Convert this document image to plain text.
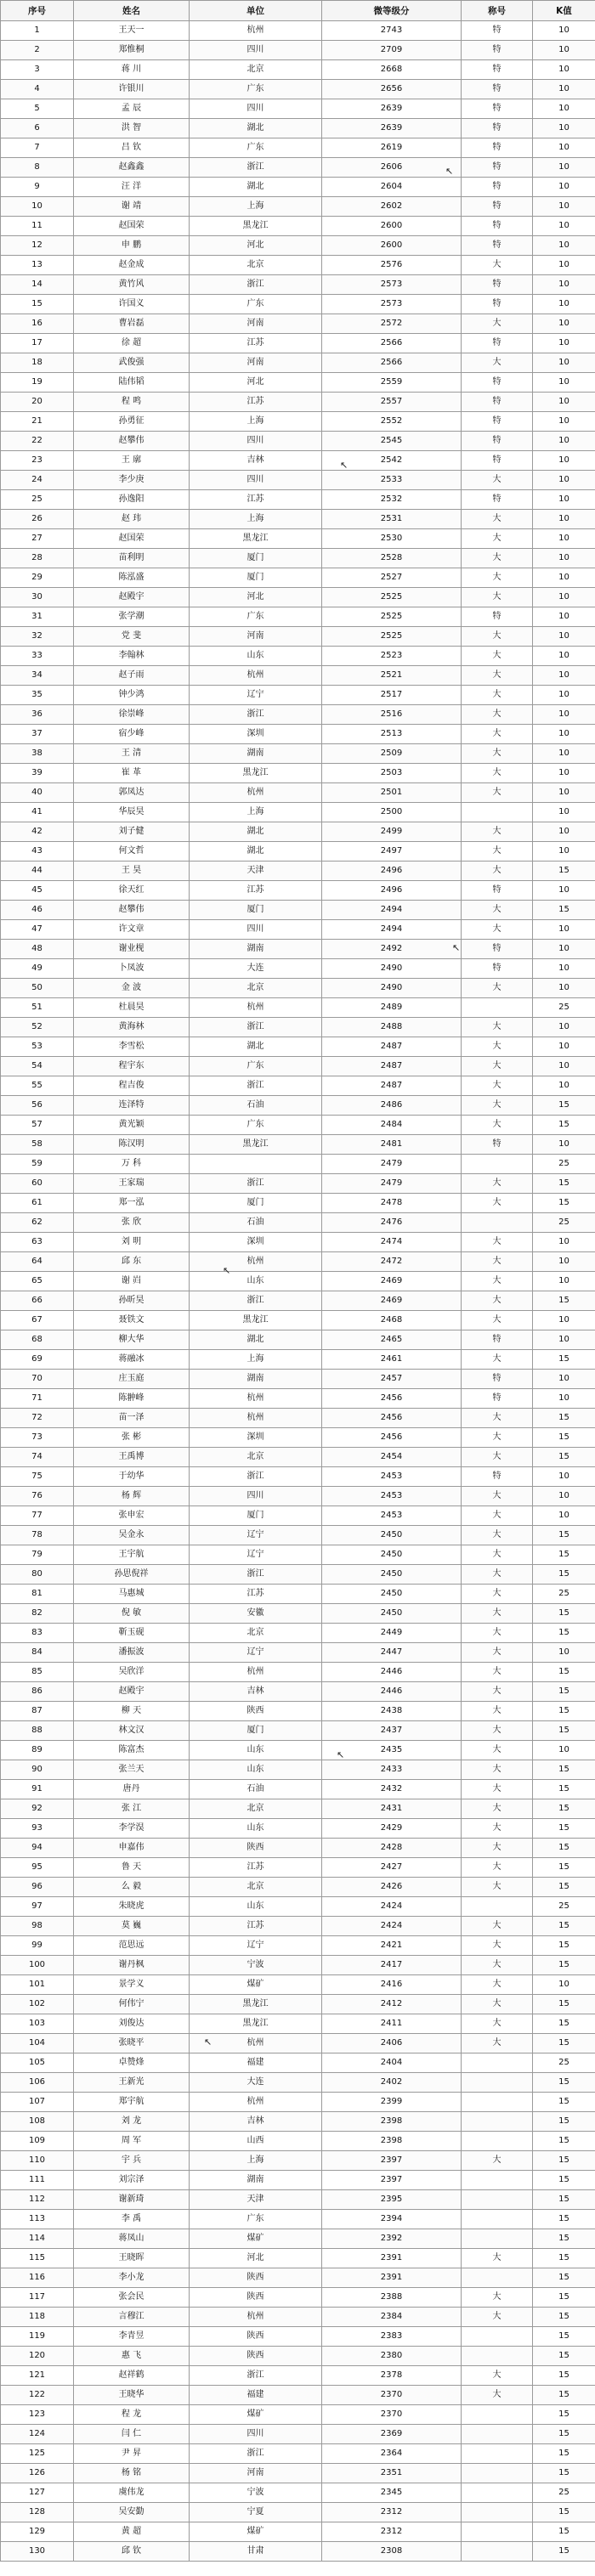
序号	姓名	单位	微等级分	称号	K值
1	王天一	杭州	2743	特	10
2	郑惟桐	四川	2709	特	10
3	蒋 川	北京	2668	特	10
4	许银川	广东	2656	特	10
5	孟 辰	四川	2639	特	10
6	洪 智	湖北	2639	特	10
7	吕 钦	广东	2619	特	10
8	赵鑫鑫	浙江	2606	特	10
9	汪 洋	湖北	2604	特	10
10	谢 靖	上海	2602	特	10
11	赵国荣	黑龙江	2600	特	10
12	申 鹏	河北	2600	特	10
13	赵金成	北京	2576	大	10
14	黄竹风	浙江	2573	特	10
15	许国义	广东	2573	特	10
16	曹岩磊	河南	2572	大	10
17	徐 超	江苏	2566	特	10
18	武俊强	河南	2566	大	10
19	陆伟韬	河北	2559	特	10
20	程 鸣	江苏	2557	特	10
21	孙勇征	上海	2552	特	10
22	赵攀伟	四川	2545	特	10
23	王 廓	吉林	2542	特	10
24	李少庚	四川	2533	大	10
25	孙逸阳	江苏	2532	特	10
26	赵 玮	上海	2531	大	10
27	赵国荣	黑龙江	2530	大	10
28	苗利明	厦门	2528	大	10
29	陈泓盛	厦门	2527	大	10
30	赵殿宇	河北	2525	大	10
31	张学潮	广东	2525	特	10
32	党 斐	河南	2525	大	10
33	李翰林	山东	2523	大	10
34	赵子雨	杭州	2521	大	10
35	钟少鸿	辽宁	2517	大	10
36	徐崇峰	浙江	2516	大	10
37	宿少峰	深圳	2513	大	10
38	王 清	湖南	2509	大	10
39	崔 革	黑龙江	2503	大	10
40	郭凤达	杭州	2501	大	10
41	华辰昊	上海	2500		10
42	刘子健	湖北	2499	大	10
43	何文哲	湖北	2497	大	10
44	王 昊	天津	2496	大	15
45	徐天红	江苏	2496	特	10
46	赵攀伟	厦门	2494	大	15
47	许文章	四川	2494	大	10
48	谢业枧	湖南	2492	特	10
49	卜凤波	大连	2490	特	10
50	金 波	北京	2490	大	10
51	杜晨昊	杭州	2489		25
52	黄海林	浙江	2488	大	10
53	李雪松	湖北	2487	大	10
54	程宇东	广东	2487	大	10
55	程吉俊	浙江	2487	大	10
56	连泽特	石油	2486	大	15
57	黄光颖	广东	2484	大	15
58	陈汉明	黑龙江	2481	特	10
59	万 科		2479		25
60	王家瑞	浙江	2479	大	15
61	郑一泓	厦门	2478	大	15
62	张 欣	石油	2476		25
63	刘 明	深圳	2474	大	10
64	邱 东	杭州	2472	大	10
65	谢 岿	山东	2469	大	10
66	孙昕昊	浙江	2469	大	15
67	聂铁文	黑龙江	2468	大	10
68	柳大华	湖北	2465	特	10
69	蒋融冰	上海	2461	大	15
70	庄玉庭	湖南	2457	特	10
71	陈翀峰	杭州	2456	特	10
72	苗一泽	杭州	2456	大	15
73	张 彬	深圳	2456	大	15
74	王禹博	北京	2454	大	15
75	于幼华	浙江	2453	特	10
76	杨 辉	四川	2453	大	10
77	张申宏	厦门	2453	大	10
78	吴金永	辽宁	2450	大	15
79	王宇航	辽宁	2450	大	15
80	孙思倪祥	浙江	2450	大	15
81	马惠城	江苏	2450	大	25
82	倪 敏	安徽	2450	大	15
83	靳玉砚	北京	2449	大	15
84	潘振波	辽宁	2447	大	10
85	吴欣洋	杭州	2446	大	15
86	赵殿宇	吉林	2446	大	15
87	柳 天	陕西	2438	大	15
88	林文汉	厦门	2437	大	15
89	陈富杰	山东	2435	大	10
90	张兰天	山东	2433	大	15
91	唐丹	石油	2432	大	15
92	张 江	北京	2431	大	15
93	李学淏	山东	2429	大	15
94	申嘉伟	陕西	2428	大	15
95	鲁 天	江苏	2427	大	15
96	么 毅	北京	2426	大	15
97	朱晓虎	山东	2424		25
98	莫 巍	江苏	2424	大	15
99	范思远	辽宁	2421	大	15
100	谢丹枫	宁波	2417	大	15
101	景学义	煤矿	2416	大	10
102	何伟宁	黑龙江	2412	大	15
103	刘俊达	黑龙江	2411	大	15
104	张晓平	杭州	2406	大	15
105	卓赞烽	福建	2404		25
106	王新光	大连	2402		15
107	郑宇航	杭州	2399		15
108	刘 龙	吉林	2398		15
109	周 军	山西	2398		15
110	宇 兵	上海	2397	大	15
111	刘宗泽	湖南	2397		15
112	谢新琦	天津	2395		15
113	李 禹	广东	2394		15
114	蒋凤山	煤矿	2392		15
115	王晓晖	河北	2391	大	15
116	李小龙	陕西	2391		15
117	张会民	陕西	2388	大	15
118	言穆江	杭州	2384	大	15
119	李青昱	陕西	2383		15
120	惠 飞	陕西	2380		15
121	赵祥鹤	浙江	2378	大	15
122	王晓华	福建	2370	大	15
123	程 龙	煤矿	2370		15
124	闫 仁	四川	2369		15
125	尹 昇	浙江	2364		15
126	杨 铭	河南	2351		15
127	虞伟龙	宁波	2345		25
128	吴安勤	宁夏	2312		15
129	黄 超	煤矿	2312		15
130	邱 钦	甘肃	2308		15
↖
↖
↖
↖
↖
↖
